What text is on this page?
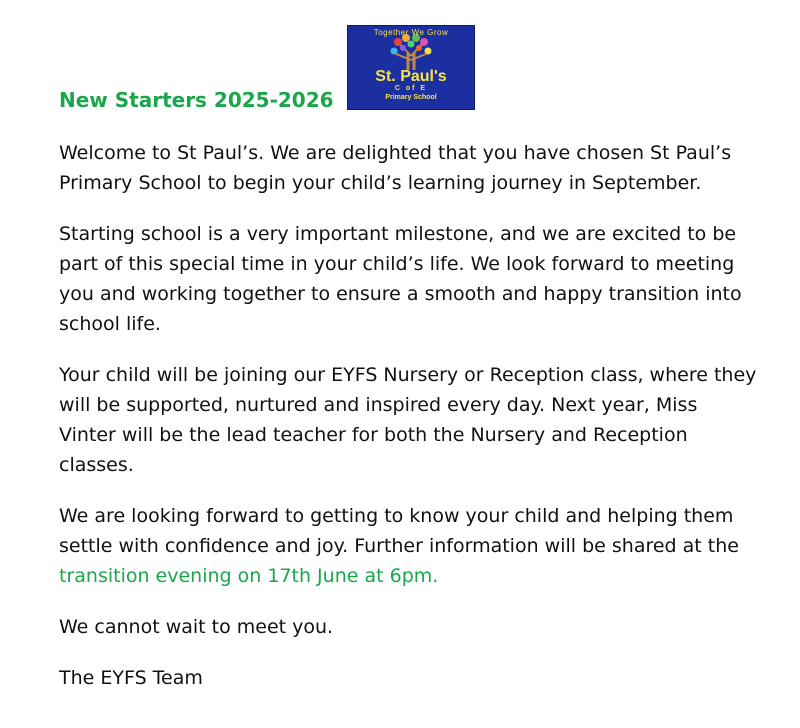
New Starters 2025-2026
Together We Grow
St. Paul's
C of E
Primary School

Welcome to St Paul’s. We are delighted that you have chosen St Paul’s Primary School to begin your child’s learning journey in September.

Starting school is a very important milestone, and we are excited to be part of this special time in your child’s life. We look forward to meeting you and working together to ensure a smooth and happy transition into school life.

Your child will be joining our EYFS Nursery or Reception class, where they will be supported, nurtured and inspired every day. Next year, Miss Vinter will be the lead teacher for both the Nursery and Reception classes.

We are looking forward to getting to know your child and helping them settle with confidence and joy. Further information will be shared at the transition evening on 17th June at 6pm.

We cannot wait to meet you.

The EYFS Team
